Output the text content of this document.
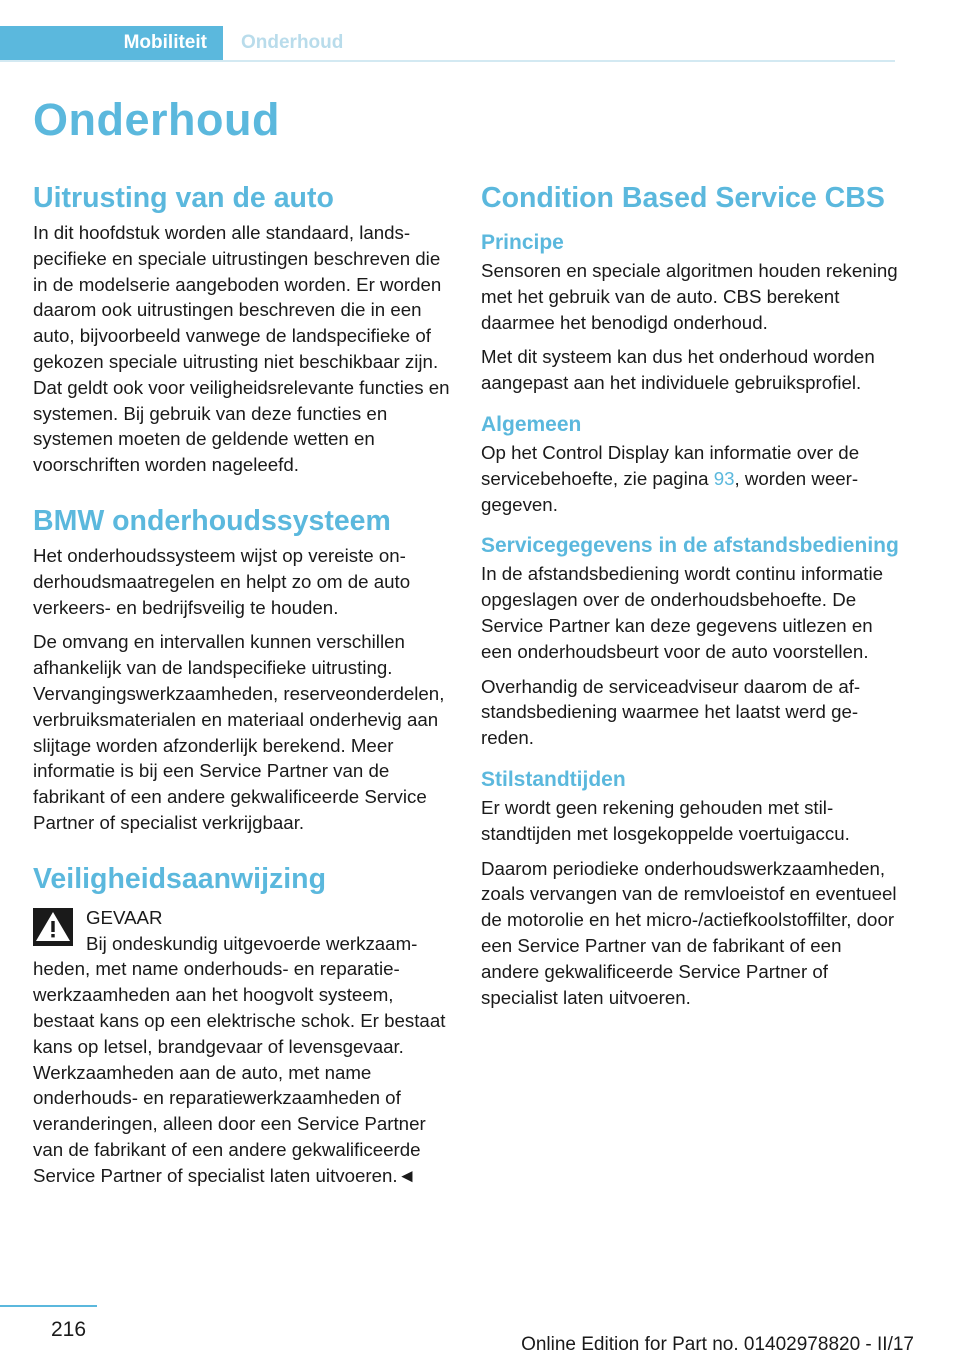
Mobiliteit	Onderhoud
Onderhoud
Uitrusting van de auto

In dit hoofdstuk worden alle standaard, landspecifieke en speciale uitrustingen beschreven die in de modelserie aangeboden worden. Er worden daarom ook uitrustingen beschreven die in een auto, bijvoorbeeld vanwege de landspecifieke of gekozen speciale uitrusting niet beschikbaar zijn. Dat geldt ook voor veiligheidsrelevante functies en systemen. Bij gebruik van deze functies en systemen moeten de geldende wetten en voorschriften worden nageleefd.

BMW onderhoudssysteem

Het onderhoudssysteem wijst op vereiste onderhoudsmaatregelen en helpt zo om de auto verkeers- en bedrijfsveilig te houden.

De omvang en intervallen kunnen verschillen afhankelijk van de landspecifieke uitrusting. Vervangingswerkzaamheden, reserveonderdelen, verbruiksmaterialen en materiaal onderhevig aan slijtage worden afzonderlijk berekend. Meer informatie is bij een Service Partner van de fabrikant of een andere gekwalificeerde Service Partner of specialist verkrijgbaar.

Veiligheidsaanwijzing
GEVAAR

Bij ondeskundig uitgevoerde werkzaamheden, met name onderhouds- en reparatiewerkzaamheden aan het hoogvolt systeem, bestaat kans op een elektrische schok. Er bestaat kans op letsel, brandgevaar of levensgevaar. Werkzaamheden aan de auto, met name onderhouds- en reparatiewerkzaamheden of veranderingen, alleen door een Service Partner van de fabrikant of een andere gekwalificeerde Service Partner of specialist laten uitvoeren.◄

Condition Based Service CBS
Principe

Sensoren en speciale algoritmen houden rekening met het gebruik van de auto. CBS berekent daarmee het benodigd onderhoud.

Met dit systeem kan dus het onderhoud worden aangepast aan het individuele gebruiksprofiel.

Algemeen

Op het Control Display kan informatie over de servicebehoefte, zie pagina 93, worden weergegeven.

Servicegegevens in de afstandsbediening

In de afstandsbediening wordt continu informatie opgeslagen over de onderhoudsbehoefte. De Service Partner kan deze gegevens uitlezen en een onderhoudsbeurt voor de auto voorstellen.

Overhandig de serviceadviseur daarom de afstandsbediening waarmee het laatst werd gereden.

Stilstandtijden

Er wordt geen rekening gehouden met stilstandtijden met losgekoppelde voertuigaccu.

Daarom periodieke onderhoudswerkzaamheden, zoals vervangen van de remvloeistof en eventueel de motorolie en het micro-/actiefkoolstoffilter, door een Service Partner van de fabrikant of een andere gekwalificeerde Service Partner of specialist laten uitvoeren.

216
Online Edition for Part no. 01402978820 - II/17
